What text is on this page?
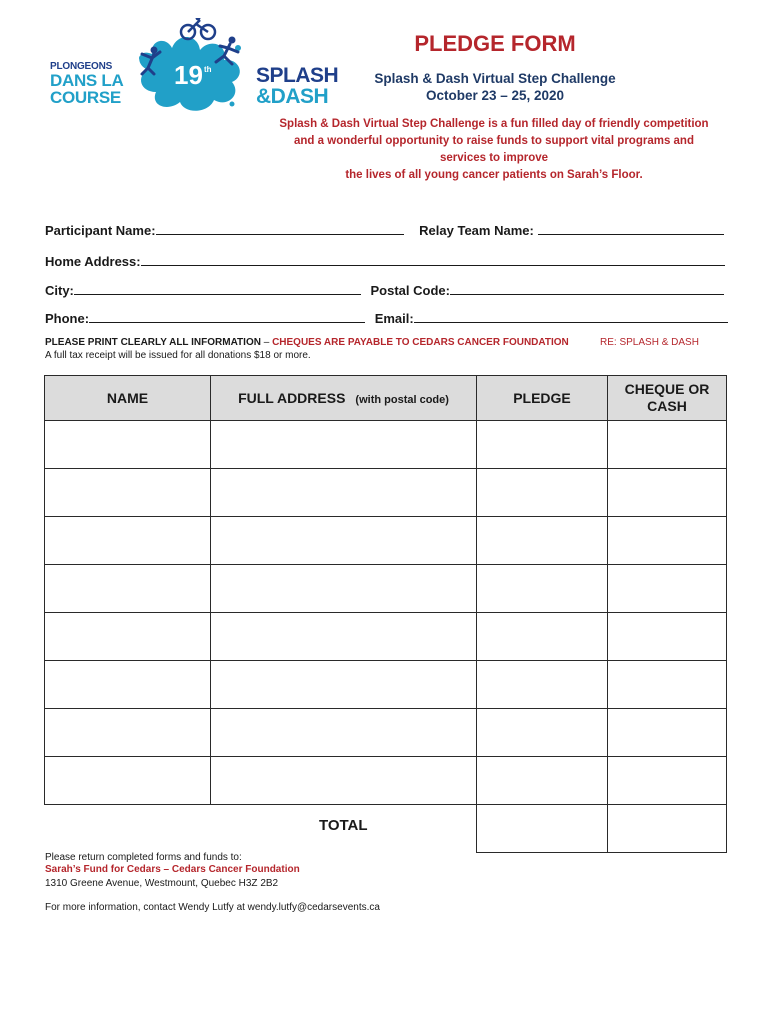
PLONGEONS
DANS LA
COURSE
19 th SPLASH
&DASH
PLEDGE FORM
Splash & Dash Virtual Step Challenge
October 23 – 25, 2020
Splash & Dash Virtual Step Challenge is a fun filled day of friendly competition
and a wonderful opportunity to raise funds to support vital programs and
services to improve
the lives of all young cancer patients on Sarah’s Floor.
Participant Name:	Relay Team Name:
Home Address:
City:	Postal Code:
Phone:	Email:
PLEASE PRINT CLEARLY ALL INFORMATION – CHEQUES ARE PAYABLE TO CEDARS CANCER FOUNDATION	RE: SPLASH & DASH
A full tax receipt will be issued for all donations $18 or more.
NAME	FULL ADDRESS (with postal code)	PLEDGE	CHEQUE OR
CASH

	TOTAL		

Please return completed forms and funds to:
Sarah’s Fund for Cedars – Cedars Cancer Foundation
1310 Greene Avenue, Westmount, Quebec H3Z 2B2
For more information, contact Wendy Lutfy at wendy.lutfy@cedarsevents.ca
